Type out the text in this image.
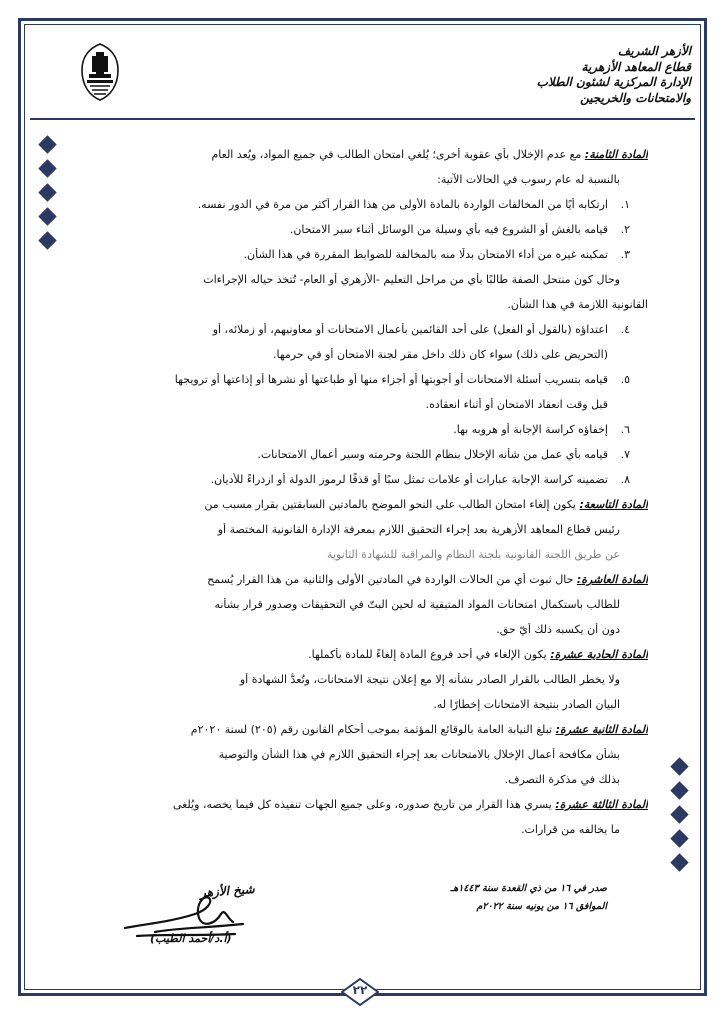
الأزهر الشريف
قطاع المعاهد الأزهرية
الإدارة المركزية لشئون الطلاب
والامتحانات والخريجين
المادة الثامنة: مع عدم الإخلال بأي عقوبة أخرى؛ يُلغي امتحان الطالب في جميع المواد، ويُعد العام
بالنسبة له عام رسوب في الحالات الآتية:
١.ارتكابه أيًا من المخالفات الواردة بالمادة الأولى من هذا القرار أكثر من مرة في الدور نفسه.
٢.قيامه بالغش أو الشروع فيه بأي وسيلة من الوسائل أثناء سير الامتحان.
٣.تمكينه غيره من أداء الامتحان بدلًا منه بالمخالفة للضوابط المقررة في هذا الشأن.
وحال كون منتحل الصفة طالبًا بأي من مراحل التعليم -الأزهري أو العام- تُتخذ حياله الإجراءات
القانونية اللازمة في هذا الشأن.
٤.اعتداؤه (بالقول أو الفعل) على أحد القائمين بأعمال الامتحانات أو معاونيهم، أو زملائه، أو
(التحريض على ذلك) سواء كان ذلك داخل مقر لجنة الامتحان أو في حرمها.
٥.قيامه بتسريب أسئلة الامتحانات أو أجوبتها أو أجزاء منها أو طباعتها أو نشرها أو إذاعتها أو ترويجها
قبل وقت انعقاد الامتحان أو أثناء انعقاده.
٦.إخفاؤه كراسة الإجابة أو هروبه بها.
٧.قيامه بأي عمل من شأنه الإخلال بنظام اللجنة وحرمته وسير أعمال الامتحانات.
٨.تضمينه كراسة الإجابة عبارات أو علامات تمثل سبًا أو قذفًا لرموز الدولة أو ازدراءً للأديان.
المادة التاسعة: يكون إلغاء امتحان الطالب على النحو الموضح بالمادتين السابقتين بقرار مسبب من
رئيس قطاع المعاهد الأزهرية بعد إجراء التحقيق اللازم بمعرفة الإدارة القانونية المختصة أو
عن طريق اللجنة القانونية بلجنة النظام والمراقبة للشهادة الثانوية
المادة العاشرة: حال ثبوت أي من الحالات الواردة في المادتين الأولى والثانية من هذا القرار يُسمح
للطالب باستكمال امتحانات المواد المتبقية له لحين البتّ في التحقيقات وصدور قرار بشأنه
دون أن يكسبه ذلك أيّ حق.
المادة الحادية عشرة: يكون الإلغاء في أحد فروع المادة إلغاءً للمادة بأكملها.
ولا يخطر الطالب بالقرار الصادر بشأنه إلا مع إعلان نتيجة الامتحانات، وتُعدُّ الشهادة أو
البيان الصادر بنتيجة الامتحانات إخطارًا له.
المادة الثانية عشرة: تبلغ النيابة العامة بالوقائع المؤثمة بموجب أحكام القانون رقم (٢٠٥) لسنة ٢٠٢٠م
بشأن مكافحة أعمال الإخلال بالامتحانات بعد إجراء التحقيق اللازم في هذا الشأن والتوصية
بذلك في مذكرة التصرف.
المادة الثالثة عشرة: يسري هذا القرار من تاريخ صدوره، وعلى جميع الجهات تنفيذه كل فيما يخصه، ويُلغى
ما يخالفه من قرارات.
صدر في ١٦ من ذي القعدة سنة ١٤٤٣هـ
الموافق ١٦ من يونيه سنة ٢٠٢٢م
شيخ الأزهر
(أ.د/أحمد الطيب)
٢٢
